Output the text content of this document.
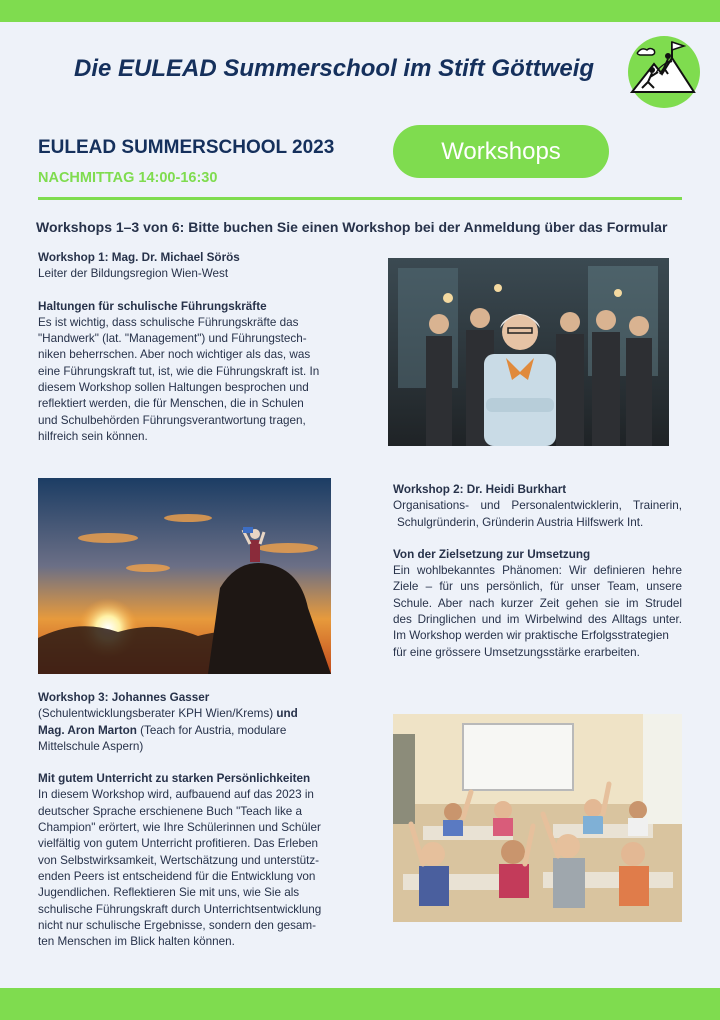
Die EULEAD Summerschool im Stift Göttweig
EULEAD SUMMERSCHOOL 2023
NACHMITTAG 14:00-16:30
Workshops
Workshops 1–3 von 6: Bitte buchen Sie einen Workshop bei der Anmeldung über das Formular

Workshop 1: Mag. Dr. Michael Sörös

Leiter der Bildungsregion Wien-West

Haltungen für schulische Führungskräfte

Es ist wichtig, dass schulische Führungskräfte das

"Handwerk" (lat. "Management") und Führungstech-

niken beherrschen. Aber noch wichtiger als das, was

eine Führungskraft tut, ist, wie die Führungskraft ist. In

diesem Workshop sollen Haltungen besprochen und

reflektiert werden, die für Menschen, die in Schulen

und Schulbehörden Führungsverantwortung tragen,

hilfreich sein können.

Workshop 2: Dr. Heidi Burkhart

Organisations- und Personalentwicklerin, Trainerin,

Schulgründerin, Gründerin Austria Hilfswerk Int.

Von der Zielsetzung zur Umsetzung

Ein wohlbekanntes Phänomen: Wir definieren hehre

Ziele – für uns persönlich, für unser Team, unsere

Schule. Aber nach kurzer Zeit gehen sie im Strudel

des Dringlichen und im Wirbelwind des Alltags unter.

Im Workshop werden wir praktische Erfolgsstrategien

für eine grössere Umsetzungsstärke erarbeiten.

Workshop 3: Johannes Gasser

(Schulentwicklungsberater KPH Wien/Krems) und

Mag. Aron Marton (Teach for Austria, modulare

Mittelschule Aspern)

Mit gutem Unterricht zu starken Persönlichkeiten

In diesem Workshop wird, aufbauend auf das 2023 in

deutscher Sprache erschienene Buch "Teach like a

Champion" erörtert, wie Ihre Schülerinnen und Schüler

vielfältig von gutem Unterricht profitieren. Das Erleben

von Selbstwirksamkeit, Wertschätzung und unterstütz-

enden Peers ist entscheidend für die Entwicklung von

Jugendlichen. Reflektieren Sie mit uns, wie Sie als

schulische Führungskraft durch Unterrichtsentwicklung

nicht nur schulische Ergebnisse, sondern den gesam-

ten Menschen im Blick halten können.
